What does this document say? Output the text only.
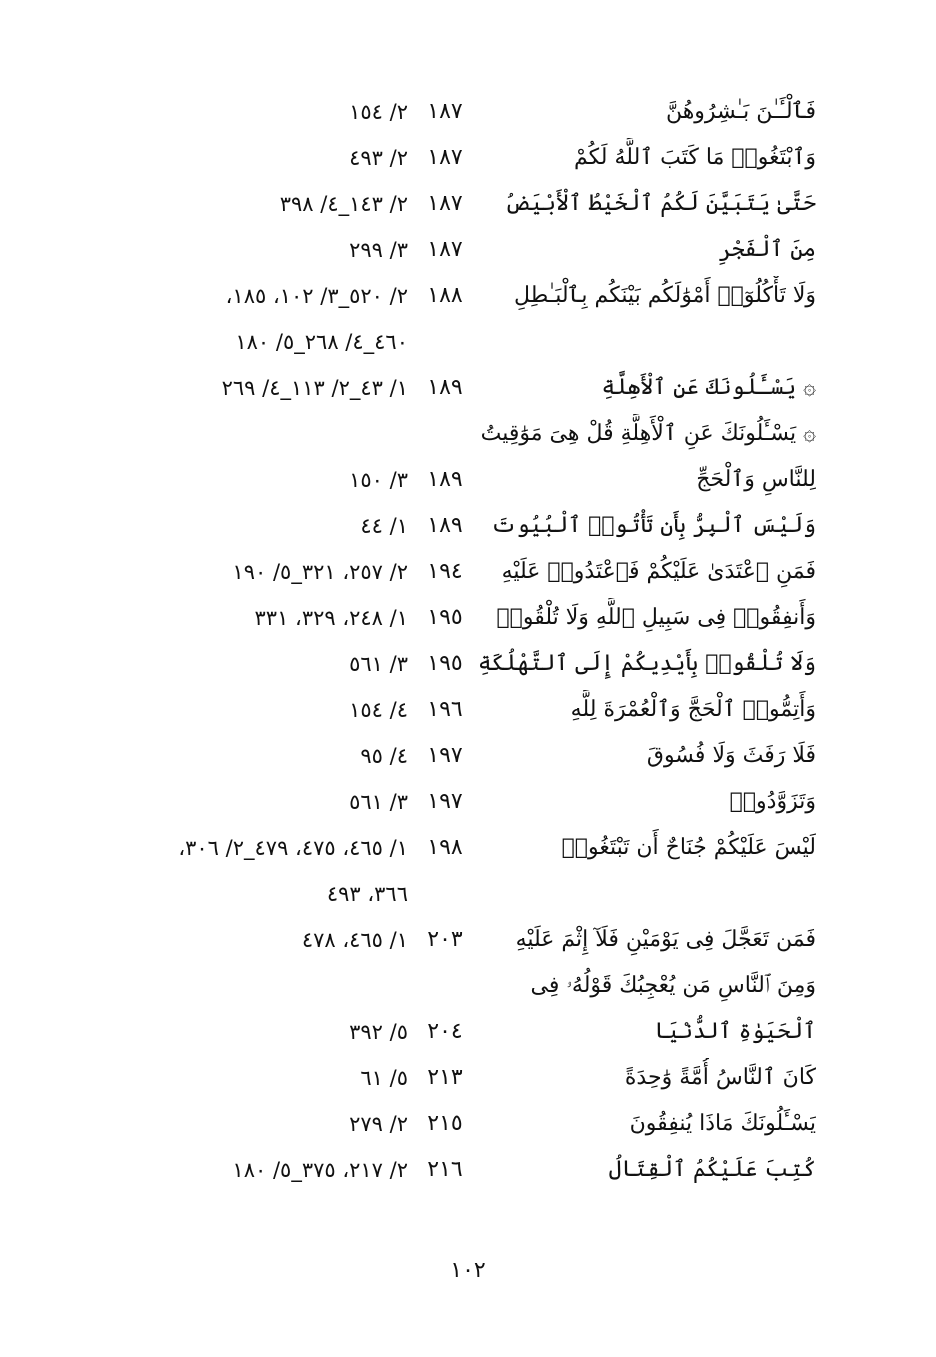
فَٱلْـَٔـٰنَ بَـٰشِرُوهُنَّ
١٨٧
٢/ ١٥٤
وَٱبْتَغُوا۟ مَا كَتَبَ ٱللَّهُ لَكُمْ
١٨٧
٢/ ٤٩٣
حَتَّىٰ يَتَبَيَّنَ لَكُمُ ٱلْخَيْطُ ٱلْأَبْيَضُ
١٨٧
٢/ ١٤٣_٤/ ٣٩٨
مِنَ ٱلْفَجْرِ
١٨٧
٣/ ٢٩٩
وَلَا تَأْكُلُوٓا۟ أَمْوَٰلَكُم بَيْنَكُم بِٱلْبَـٰطِلِ
١٨٨
٢/ ٥٢٠_٣/ ١٠٢، ١٨٥،
٤٦٠_٤/ ٢٦٨_٥/ ١٨٠
۞ يَسْـَٔلُونَكَ عَنِ ٱلْأَهِلَّةِ
١٨٩
١/ ٤٣_٢/ ١١٣_٤/ ٢٦٩
۞ يَسْـَٔلُونَكَ عَنِ ٱلْأَهِلَّةِ قُلْ هِىَ مَوَٰقِيتُ
لِلنَّاسِ وَٱلْحَجِّ
١٨٩
٣/ ١٥٠
وَلَيْسَ ٱلْبِرُّ بِأَن تَأْتُوا۟ ٱلْبُيُوتَ
١٨٩
١/ ٤٤
فَمَنِ ٱعْتَدَىٰ عَلَيْكُمْ فَٱعْتَدُوا۟ عَلَيْهِ
١٩٤
٢/ ٢٥٧، ٣٢١_٥/ ١٩٠
وَأَنفِقُوا۟ فِى سَبِيلِ ٱللَّهِ وَلَا تُلْقُوا۟
١٩٥
١/ ٢٤٨، ٣٢٩، ٣٣١
وَلَا تُلْقُوا۟ بِأَيْدِيكُمْ إِلَى ٱلتَّهْلُكَةِ
١٩٥
٣/ ٥٦١
وَأَتِمُّوا۟ ٱلْحَجَّ وَٱلْعُمْرَةَ لِلَّهِ
١٩٦
٤/ ١٥٤
فَلَا رَفَثَ وَلَا فُسُوقَ
١٩٧
٤/ ٩٥
وَتَزَوَّدُوا۟
١٩٧
٣/ ٥٦١
لَيْسَ عَلَيْكُمْ جُنَاحٌ أَن تَبْتَغُوا۟
١٩٨
١/ ٤٦٥، ٤٧٥، ٤٧٩_٢/ ٣٠٦،
٣٦٦، ٤٩٣
فَمَن تَعَجَّلَ فِى يَوْمَيْنِ فَلَآ إِثْمَ عَلَيْهِ
٢٠٣
١/ ٤٦٥، ٤٧٨
وَمِنَ ٱلنَّاسِ مَن يُعْجِبُكَ قَوْلُهُۥ فِى
ٱلْحَيَوٰةِ ٱلدُّنْيَا
٢٠٤
٥/ ٣٩٢
كَانَ ٱلنَّاسُ أُمَّةً وَٰحِدَةً
٢١٣
٥/ ٦١
يَسْـَٔلُونَكَ مَاذَا يُنفِقُونَ
٢١٥
٢/ ٢٧٩
كُتِبَ عَلَيْكُمُ ٱلْقِتَالُ
٢١٦
٢/ ٢١٧، ٣٧٥_٥/ ١٨٠
١٠٢
